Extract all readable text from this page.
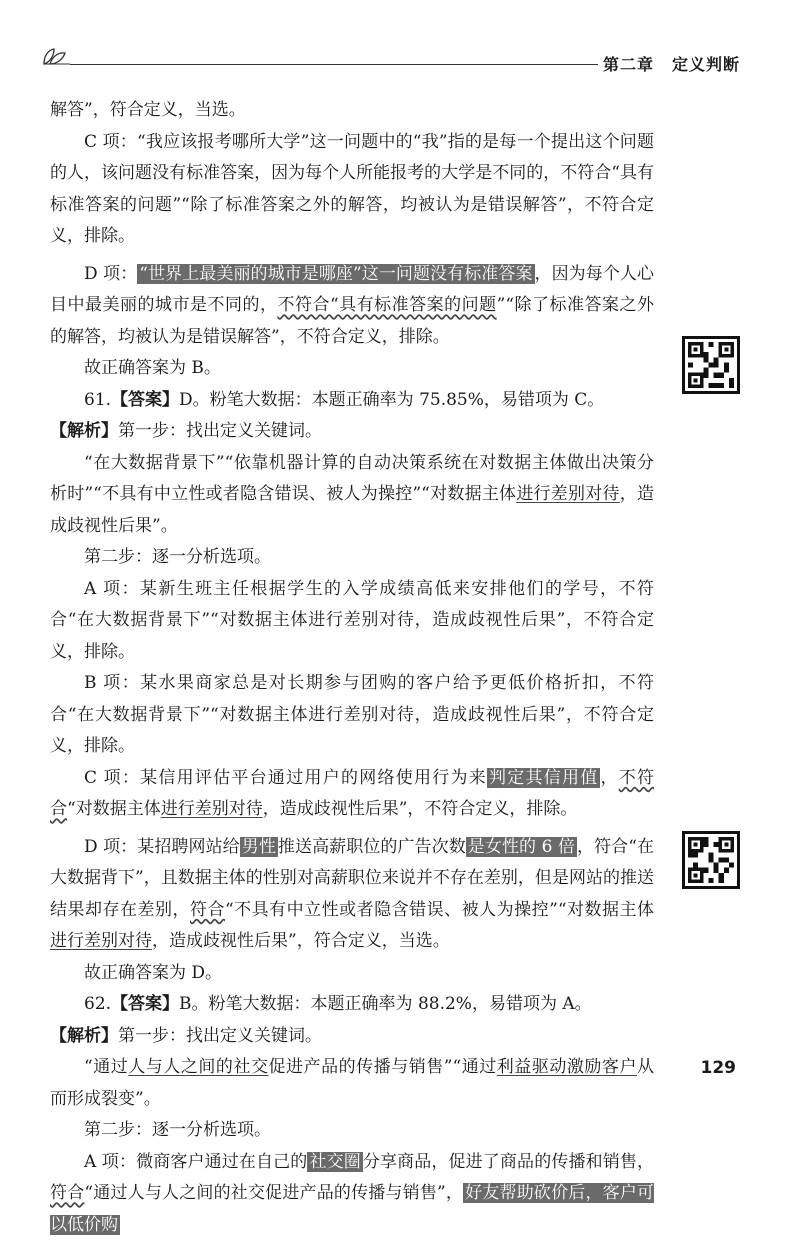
第二章 定义判断

解答”，符合定义，当选。

C 项：“我应该报考哪所大学”这一问题中的“我”指的是每一个提出这个问题的人，该问题没有标准答案，因为每个人所能报考的大学是不同的，不符合“具有标准答案的问题”“除了标准答案之外的解答，均被认为是错误解答”，不符合定义，排除。

D 项： “世界上最美丽的城市是哪座”这一问题没有标准答案 ，因为每个人心目中最美丽的城市是不同的，不符合“具有标准答案的问题”“除了标准答案之外的解答，均被认为是错误解答”，不符合定义，排除。

故正确答案为 B。

61.【答案】D。粉笔大数据：本题正确率为 75.85%，易错项为 C。

【解析】第一步：找出定义关键词。

“在大数据背景下”“依靠机器计算的自动决策系统在对数据主体做出决策分析时”“不具有中立性或者隐含错误、被人为操控”“对数据主体进行差别对待，造成歧视性后果”。

第二步：逐一分析选项。

A 项：某新生班主任根据学生的入学成绩高低来安排他们的学号，不符合“在大数据背景下”“对数据主体进行差别对待，造成歧视性后果”，不符合定义，排除。

B 项：某水果商家总是对长期参与团购的客户给予更低价格折扣，不符合“在大数据背景下”“对数据主体进行差别对待，造成歧视性后果”，不符合定义，排除。

C 项：某信用评估平台通过用户的网络使用行为来 判定其信用值 ，不符合“对数据主体进行差别对待，造成歧视性后果”，不符合定义，排除。

D 项：某招聘网站给 男性 推送高薪职位的广告次数 是女性的 6 倍 ，符合“在大数据背下”，且数据主体的性别对高薪职位来说并不存在差别，但是网站的推送结果却存在差别，符合“不具有中立性或者隐含错误、被人为操控”“对数据主体进行差别对待，造成歧视性后果”，符合定义，当选。

故正确答案为 D。

62.【答案】B。粉笔大数据：本题正确率为 88.2%，易错项为 A。

【解析】第一步：找出定义关键词。

“通过人与人之间的社交促进产品的传播与销售”“通过利益驱动激励客户从而形成裂变”。

第二步：逐一分析选项。

A 项：微商客户通过在自己的 社交圈 分享商品，促进了商品的传播和销售，符合“通过人与人之间的社交促进产品的传播与销售”， 好友帮助砍价后，客户可以低价购

129
